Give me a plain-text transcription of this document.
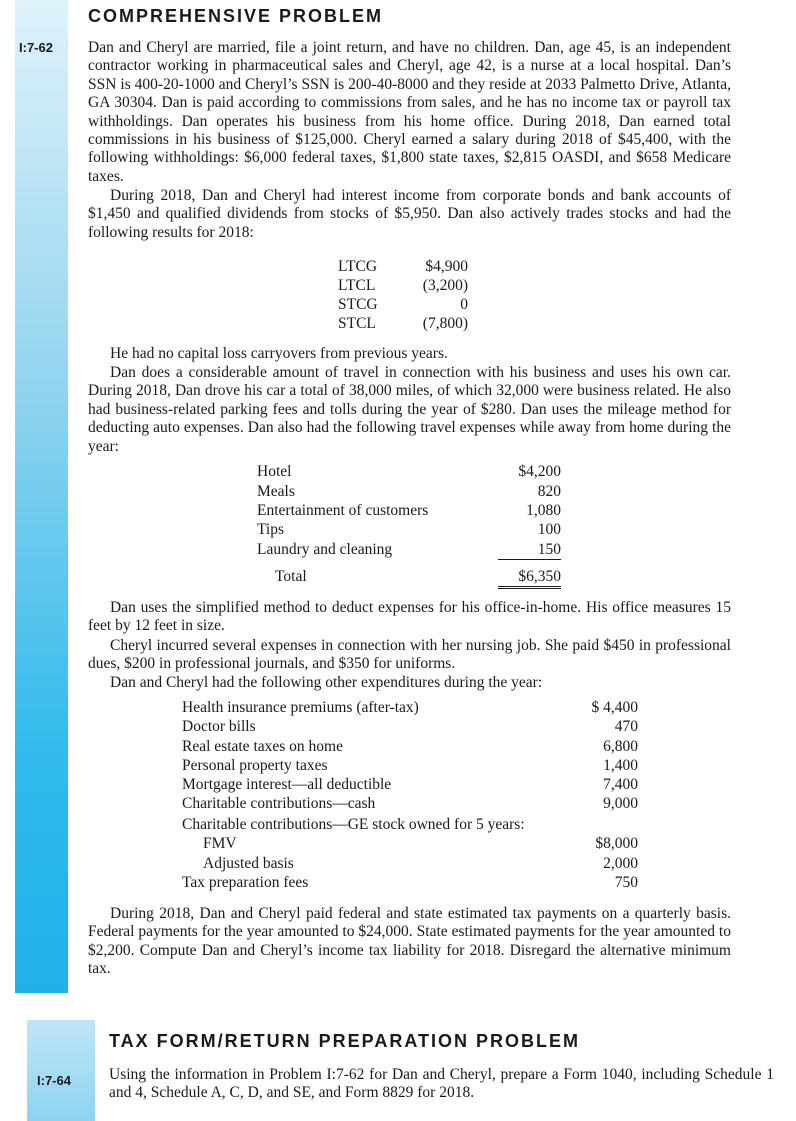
COMPREHENSIVE PROBLEM
I:7-62 Dan and Cheryl are married, file a joint return, and have no children. Dan, age 45, is an independent contractor working in pharmaceutical sales and Cheryl, age 42, is a nurse at a local hospital. Dan’s SSN is 400-20-1000 and Cheryl’s SSN is 200-40-8000 and they reside at 2033 Palmetto Drive, Atlanta, GA 30304. Dan is paid according to commissions from sales, and he has no income tax or payroll tax withholdings. Dan operates his business from his home office. During 2018, Dan earned total commissions in his business of $125,000. Cheryl earned a salary during 2018 of $45,400, with the following withholdings: $6,000 federal taxes, $1,800 state taxes, $2,815 OASDI, and $658 Medicare taxes.

During 2018, Dan and Cheryl had interest income from corporate bonds and bank accounts of $1,450 and qualified dividends from stocks of $5,950. Dan also actively trades stocks and had the following results for 2018:

LTCG	$4,900
LTCL	(3,200)
STCG	0
STCL	(7,800)

He had no capital loss carryovers from previous years.

Dan does a considerable amount of travel in connection with his business and uses his own car. During 2018, Dan drove his car a total of 38,000 miles, of which 32,000 were business related. He also had business-related parking fees and tolls during the year of $280. Dan uses the mileage method for deducting auto expenses. Dan also had the following travel expenses while away from home during the year:

Hotel	$4,200
Meals	820
Entertainment of customers	1,080
Tips	100
Laundry and cleaning	150
Total	$6,350

Dan uses the simplified method to deduct expenses for his office-in-home. His office measures 15 feet by 12 feet in size.

Cheryl incurred several expenses in connection with her nursing job. She paid $450 in professional dues, $200 in professional journals, and $350 for uniforms.

Dan and Cheryl had the following other expenditures during the year:

Health insurance premiums (after-tax)	$ 4,400
Doctor bills	470
Real estate taxes on home	6,800
Personal property taxes	1,400
Mortgage interest—all deductible	7,400
Charitable contributions—cash	9,000
Charitable contributions—GE stock owned for 5 years:
FMV	$8,000
Adjusted basis	2,000
Tax preparation fees	750

During 2018, Dan and Cheryl paid federal and state estimated tax payments on a quarterly basis. Federal payments for the year amounted to $24,000. State estimated payments for the year amounted to $2,200. Compute Dan and Cheryl’s income tax liability for 2018. Disregard the alternative minimum tax.

TAX FORM/RETURN PREPARATION PROBLEM
I:7-64 Using the information in Problem I:7-62 for Dan and Cheryl, prepare a Form 1040, including Schedule 1 and 4, Schedule A, C, D, and SE, and Form 8829 for 2018.
